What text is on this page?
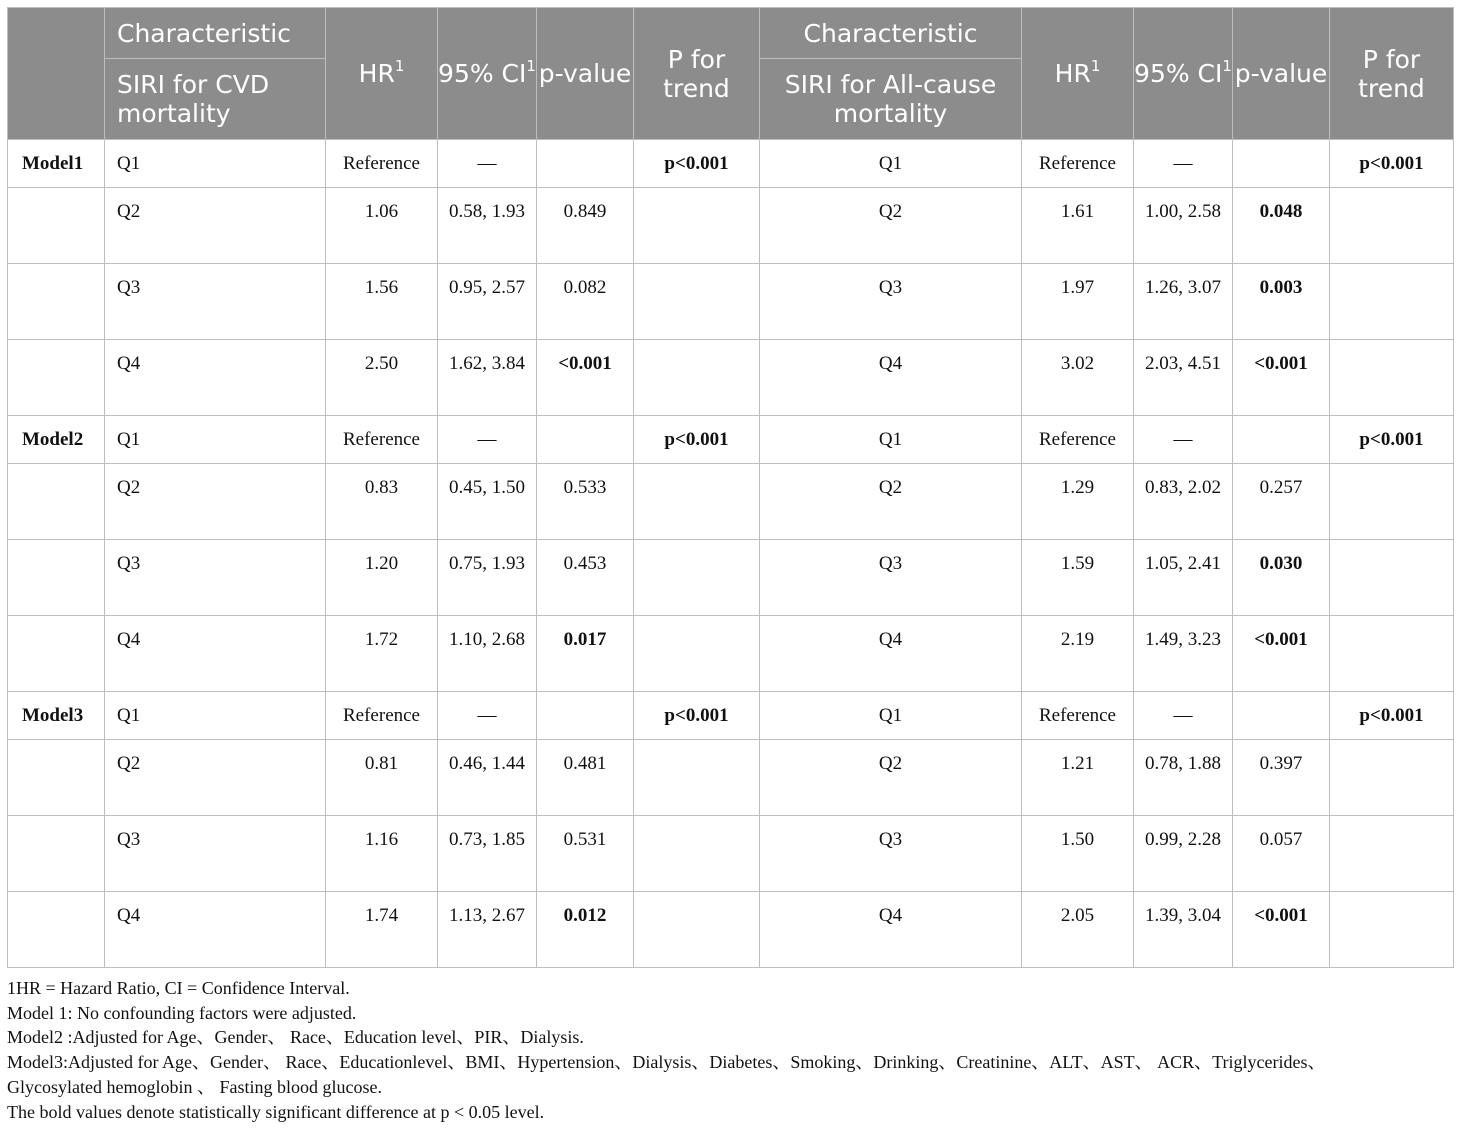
	Characteristic	$HR^1$	95% $CI^1$	p-value	P for trend	Characteristic	$HR^1$	95% $CI^1$	p-value	P for trend
	SIRI for CVD mortality					SIRI for All-cause mortality				
Model1	Q1	Reference	—		p<0.001	Q1	Reference	—		p<0.001
	Q2	1.06	0.58, 1.93	0.849		Q2	1.61	1.00, 2.58	0.048	
	Q3	1.56	0.95, 2.57	0.082		Q3	1.97	1.26, 3.07	0.003	
	Q4	2.50	1.62, 3.84	<0.001		Q4	3.02	2.03, 4.51	<0.001	
Model2	Q1	Reference	—		p<0.001	Q1	Reference	—		p<0.001
	Q2	0.83	0.45, 1.50	0.533		Q2	1.29	0.83, 2.02	0.257	
	Q3	1.20	0.75, 1.93	0.453		Q3	1.59	1.05, 2.41	0.030	
	Q4	1.72	1.10, 2.68	0.017		Q4	2.19	1.49, 3.23	<0.001	
Model3	Q1	Reference	—		p<0.001	Q1	Reference	—		p<0.001
	Q2	0.81	0.46, 1.44	0.481		Q2	1.21	0.78, 1.88	0.397	
	Q3	1.16	0.73, 1.85	0.531		Q3	1.50	0.99, 2.28	0.057	
	Q4	1.74	1.13, 2.67	0.012		Q4	2.05	1.39, 3.04	<0.001	
1HR = Hazard Ratio, CI = Confidence Interval.
Model 1: No confounding factors were adjusted.
Model2 :Adjusted for Age、Gender、 Race、Education level、PIR、Dialysis.
Model3:Adjusted for Age、Gender、 Race、Educationlevel、BMI、Hypertension、Dialysis、Diabetes、Smoking、Drinking、Creatinine、ALT、AST、 ACR、Triglycerides、
Glycosylated hemoglobin 、 Fasting blood glucose.
The bold values denote statistically significant difference at p < 0.05 level.
